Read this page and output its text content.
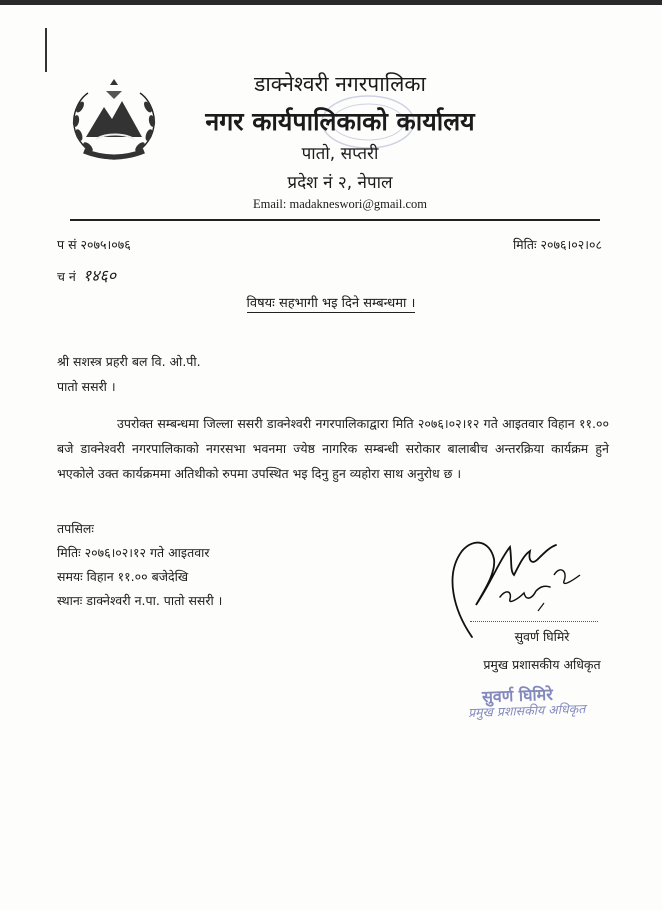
डाक्नेश्वरी नगरपालिका
नगर कार्यपालिकाको कार्यालय
पातो, सप्तरी
प्रदेश नं २, नेपाल
Email: madakneswori@gmail.com
प सं २०७५।०७६	मितिः २०७६।०२।०८
च नं १४६०
विषयः सहभागी भइ दिने सम्बन्धमा ।
श्री सशस्त्र प्रहरी बल वि. ओ.पी.
पातो ससरी ।
उपरोक्त सम्बन्धमा जिल्ला ससरी डाक्नेश्वरी नगरपालिकाद्वारा मिति २०७६।०२।१२ गते आइतवार विहान ११.०० बजे डाक्नेश्वरी नगरपालिकाको नगरसभा भवनमा ज्येष्ठ नागरिक सम्बन्धी सरोकार बालाबीच अन्तरक्रिया कार्यक्रम हुने भएकोले उक्त कार्यक्रममा अतिथीको रुपमा उपस्थित भइ दिनु हुन व्यहोरा साथ अनुरोध छ ।
तपसिलः
मितिः २०७६।०२।१२ गते आइतवार
समयः विहान ११.०० बजेदेखि
स्थानः डाक्नेश्वरी न.पा. पातो ससरी ।
सुवर्ण घिमिरे
प्रमुख प्रशासकीय अधिकृत
सुवर्ण घिमिरे
प्रमुख प्रशासकीय अधिकृत
